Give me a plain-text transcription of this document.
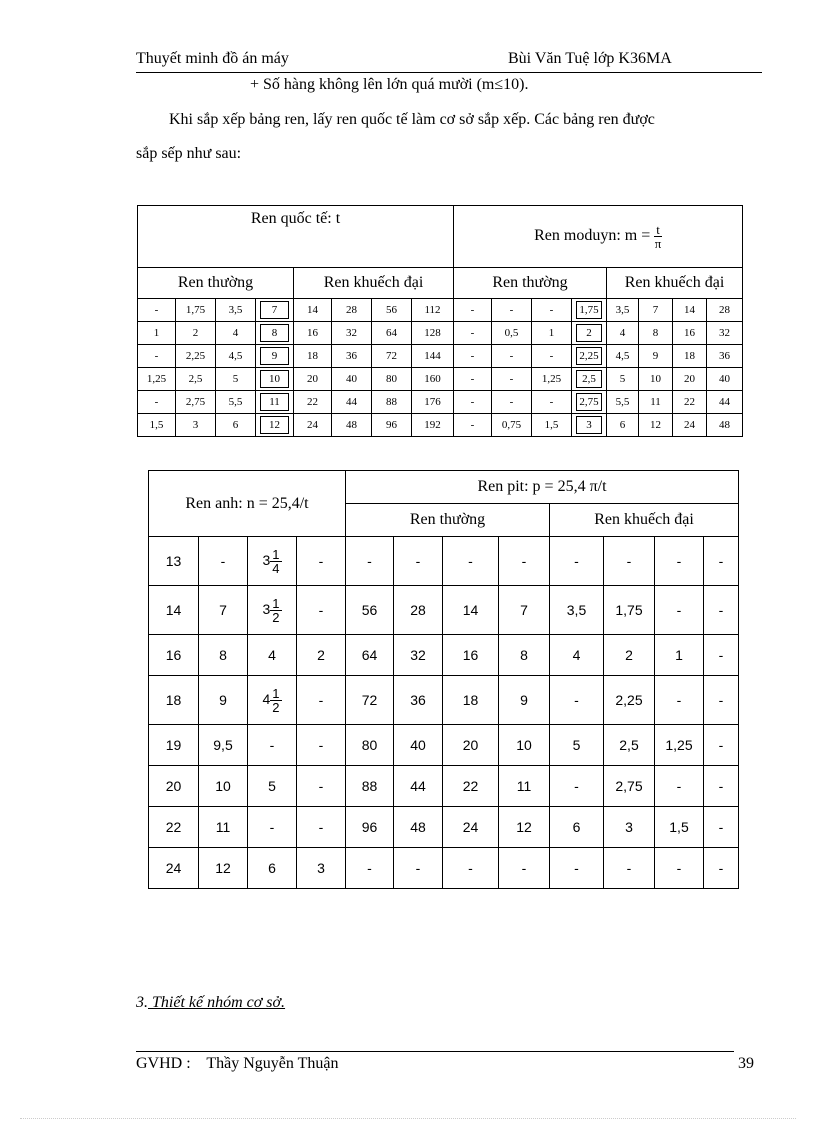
Thuyết minh đồ án máy	Bùi Văn Tuệ lớp K36MA
+ Số hàng không lên lớn quá mười (m≤10).
Khi sắp xếp bảng ren, lấy ren quốc tế làm cơ sở sắp xếp. Các bảng ren được
sắp sếp như sau:
Ren quốc tế: t								Ren moduyn: $m = \frac{t}{\pi}$

Ren thường				Ren khuếch đại				Ren thường				Ren khuếch đại			
-	1,75	3,5	7	14	28	56	112	-	-	-	1,75	3,5	7	14	28
1	2	4	8	16	32	64	128	-	0,5	1	2	4	8	16	32
-	2,25	4,5	9	18	36	72	144	-	-	-	2,25	4,5	9	18	36
1,25	2,5	5	10	20	40	80	160	-	-	1,25	2,5	5	10	20	40
-	2,75	5,5	11	22	44	88	176	-	-	-	2,75	5,5	11	22	44
1,5	3	6	12	24	48	96	192	-	0,75	1,5	3	6	12	24	48
Ren anh: n = 25,4/t				Ren pit: p = 25,4 π/t							
				Ren thường				Ren khuếch đại			
13	-	$3 \frac{1}{4}$	-	-	-	-	-	-	-	-	-
14	7	$3 \frac{1}{2}$	-	56	28	14	7	3,5	1,75	-	-
16	8	4	2	64	32	16	8	4	2	1	-
18	9	$4 \frac{1}{2}$	-	72	36	18	9	-	2,25	-	-
19	9,5	-	-	80	40	20	10	5	2,5	1,25	-
20	10	5	-	88	44	22	11	-	2,75	-	-
22	11	-	-	96	48	24	12	6	3	1,5	-
24	12	6	3	-	-	-	-	-	-	-	-
3. Thiết kế nhóm cơ sở.
GVHD :    Thầy Nguyễn Thuận	39
